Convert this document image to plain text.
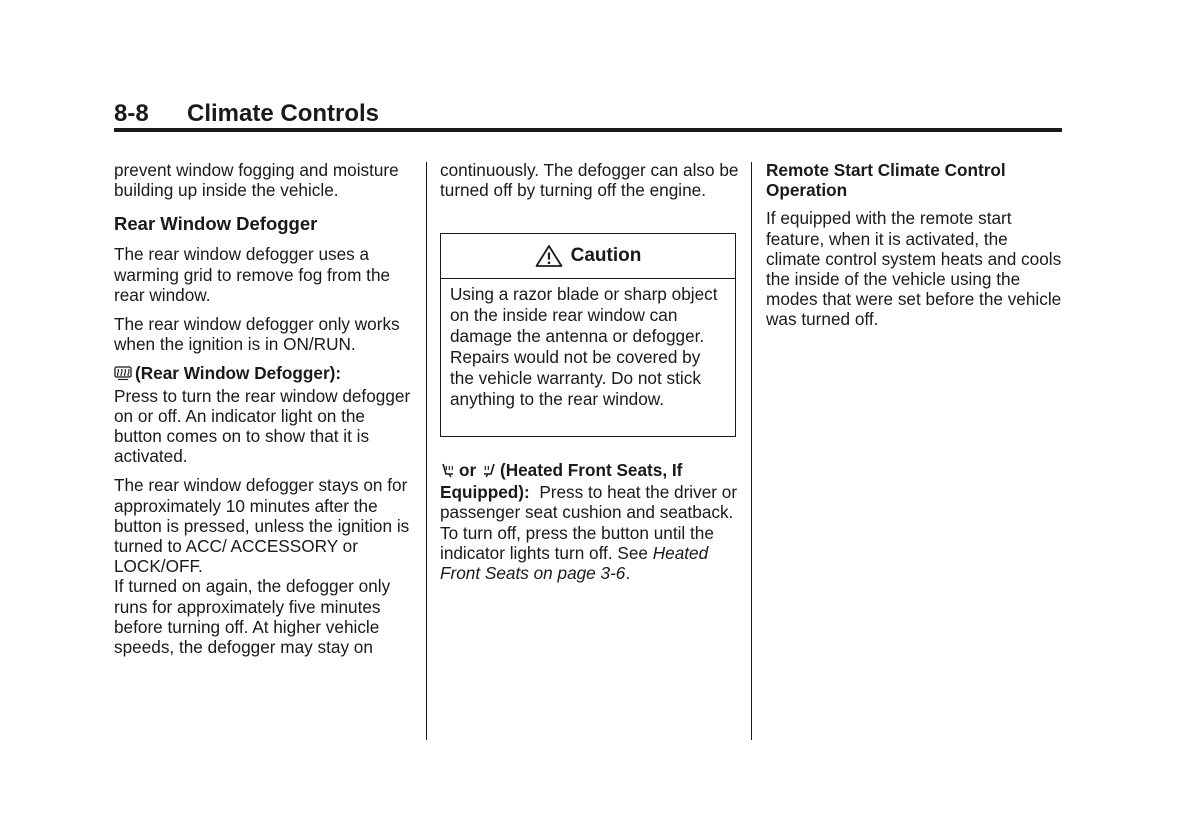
8-8 Climate Controls

prevent window fogging and moisture building up inside the vehicle.

Rear Window Defogger

The rear window defogger uses a warming grid to remove fog from the rear window.

The rear window defogger only works when the ignition is in ON/RUN.

(Rear Window Defogger):
Press to turn the rear window defogger on or off. An indicator light on the button comes on to show that it is activated.

The rear window defogger stays on for approximately 10 minutes after the button is pressed, unless the ignition is turned to ACC/ ACCESSORY or LOCK/OFF.

If turned on again, the defogger only runs for approximately five minutes before turning off. At higher vehicle speeds, the defogger may stay on

continuously. The defogger can also be turned off by turning off the engine.

Caution
Using a razor blade or sharp object on the inside rear window can damage the antenna or defogger. Repairs would not be covered by the vehicle warranty. Do not stick anything to the rear window.

or (Heated Front Seats, If Equipped): Press to heat the driver or passenger seat cushion and seatback. To turn off, press the button until the indicator lights turn off. See Heated Front Seats on page 3-6.

Remote Start Climate Control Operation

If equipped with the remote start feature, when it is activated, the climate control system heats and cools the inside of the vehicle using the modes that were set before the vehicle was turned off.
